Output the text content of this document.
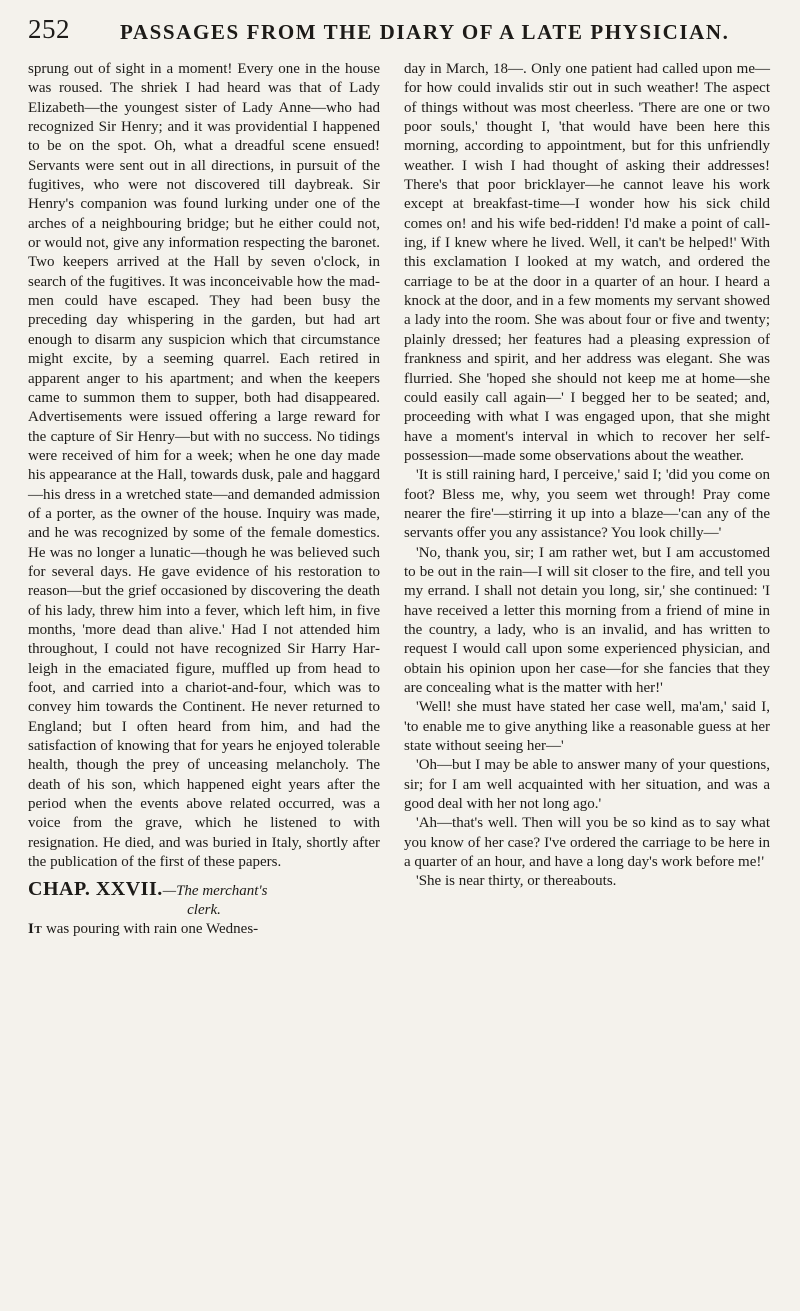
252 PASSAGES FROM THE DIARY OF A LATE PHYSICIAN.

sprung out of sight in a moment! Every one in the house was roused. The shriek I had heard was that of Lady Elizabeth—the youngest sister of Lady Anne—who had recognized Sir Henry; and it was providential I happened to be on the spot. Oh, what a dreadful scene ensued! Servants were sent out in all directions, in pursuit of the fugitives, who were not discovered till daybreak. Sir Henry's companion was found lurking under one of the arches of a neighbouring bridge; but he either could not, or would not, give any information respecting the baronet. Two keepers arrived at the Hall by seven o'clock, in search of the fugitives. It was inconceivable how the madmen could have escaped. They had been busy the preceding day whispering in the garden, but had art enough to disarm any suspicion which that circumstance might excite, by a seeming quarrel. Each retired in apparent anger to his apartment; and when the keepers came to summon them to supper, both had disappeared. Advertisements were issued offering a large reward for the capture of Sir Henry—but with no success. No tidings were received of him for a week; when he one day made his appearance at the Hall, towards dusk, pale and haggard—his dress in a wretched state—and demanded admission of a porter, as the owner of the house. Inquiry was made, and he was recognized by some of the female domestics. He was no longer a lunatic—though he was believed such for several days. He gave evidence of his restoration to reason—but the grief occasioned by discovering the death of his lady, threw him into a fever, which left him, in five months, 'more dead than alive.' Had I not attended him throughout, I could not have recognized Sir Harry Harleigh in the emaciated figure, muffled up from head to foot, and carried into a chariot-and-four, which was to convey him towards the Continent. He never returned to England; but I often heard from him, and had the satisfaction of knowing that for years he enjoyed tolerable health, though the prey of unceasing melancholy. The death of his son, which happened eight years after the period when the events above related occurred, was a voice from the grave, which he listened to with resignation. He died, and was buried in Italy, shortly after the publication of the first of these papers.

CHAP. XXVII.—The merchant's
clerk.

It was pouring with rain one Wednes-

day in March, 18—. Only one patient had called upon me—for how could invalids stir out in such weather! The aspect of things without was most cheerless. 'There are one or two poor souls,' thought I, 'that would have been here this morning, according to appointment, but for this unfriendly weather. I wish I had thought of asking their addresses! There's that poor bricklayer—he cannot leave his work except at breakfast-time—I wonder how his sick child comes on! and his wife bed-ridden! I'd make a point of calling, if I knew where he lived. Well, it can't be helped!' With this exclamation I looked at my watch, and ordered the carriage to be at the door in a quarter of an hour. I heard a knock at the door, and in a few moments my servant showed a lady into the room. She was about four or five and twenty; plainly dressed; her features had a pleasing expression of frankness and spirit, and her address was elegant. She was flurried. She 'hoped she should not keep me at home—she could easily call again—' I begged her to be seated; and, proceeding with what I was engaged upon, that she might have a moment's interval in which to recover her self-possession—made some observations about the weather.

'It is still raining hard, I perceive,' said I; 'did you come on foot? Bless me, why, you seem wet through! Pray come nearer the fire'—stirring it up into a blaze—'can any of the servants offer you any assistance? You look chilly—'

'No, thank you, sir; I am rather wet, but I am accustomed to be out in the rain—I will sit closer to the fire, and tell you my errand. I shall not detain you long, sir,' she continued: 'I have received a letter this morning from a friend of mine in the country, a lady, who is an invalid, and has written to request I would call upon some experienced physician, and obtain his opinion upon her case—for she fancies that they are concealing what is the matter with her!'

'Well! she must have stated her case well, ma'am,' said I, 'to enable me to give anything like a reasonable guess at her state without seeing her—'

'Oh—but I may be able to answer many of your questions, sir; for I am well acquainted with her situation, and was a good deal with her not long ago.'

'Ah—that's well. Then will you be so kind as to say what you know of her case? I've ordered the carriage to be here in a quarter of an hour, and have a long day's work before me!'

'She is near thirty, or thereabouts.
